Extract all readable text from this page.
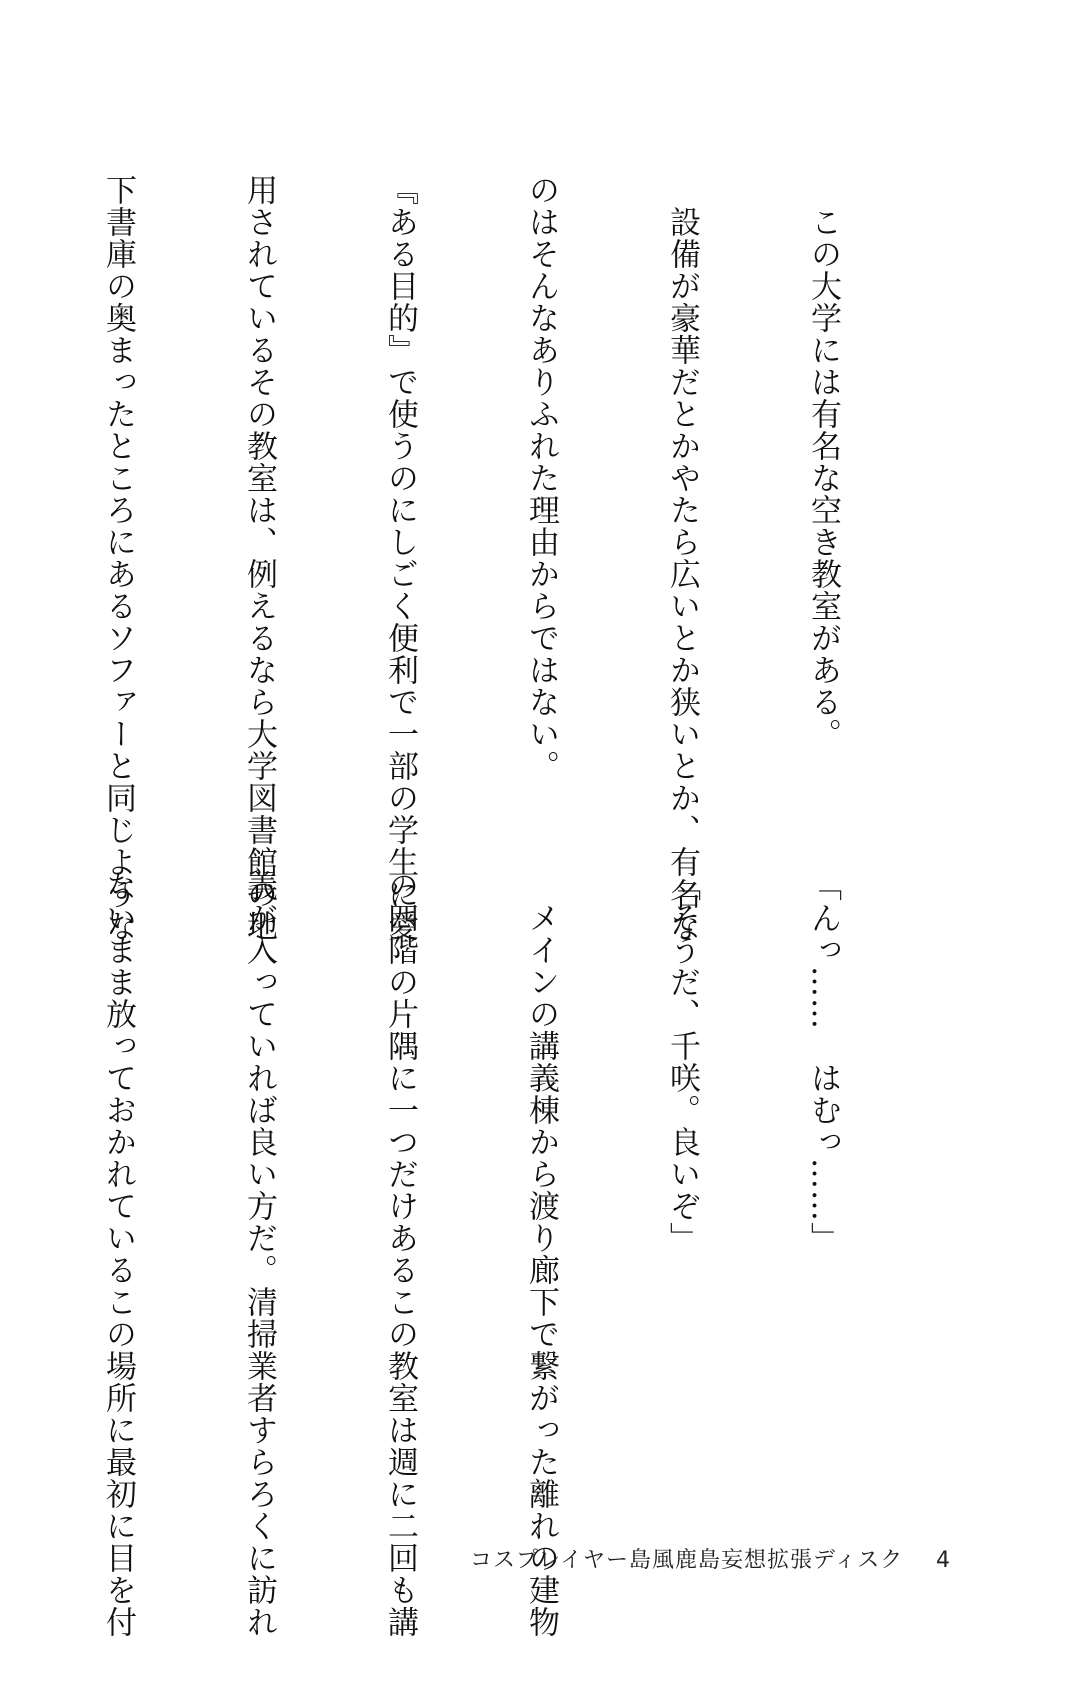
　この大学には有名な空き教室がある。

　設備が豪華だとかやたら広いとか狭いとか、有名な

のはそんなありふれた理由からではない。

『ある目的』で使うのにしごく便利で一部の学生に愛

用されているその教室は、例えるなら大学図書館の地

下書庫の奥まったところにあるソファーと同じような

「んっ……　はむっ……」

「そうだ、千咲。良いぞ」

　メインの講義棟から渡り廊下で繋がった離れの建物

の四階の片隅に一つだけあるこの教室は週に二回も講

義が入っていれば良い方だ。清掃業者すらろくに訪れ

ないまま放っておかれているこの場所に最初に目を付

	コスプレイヤー島風鹿島妄想拡張ディスク 4
